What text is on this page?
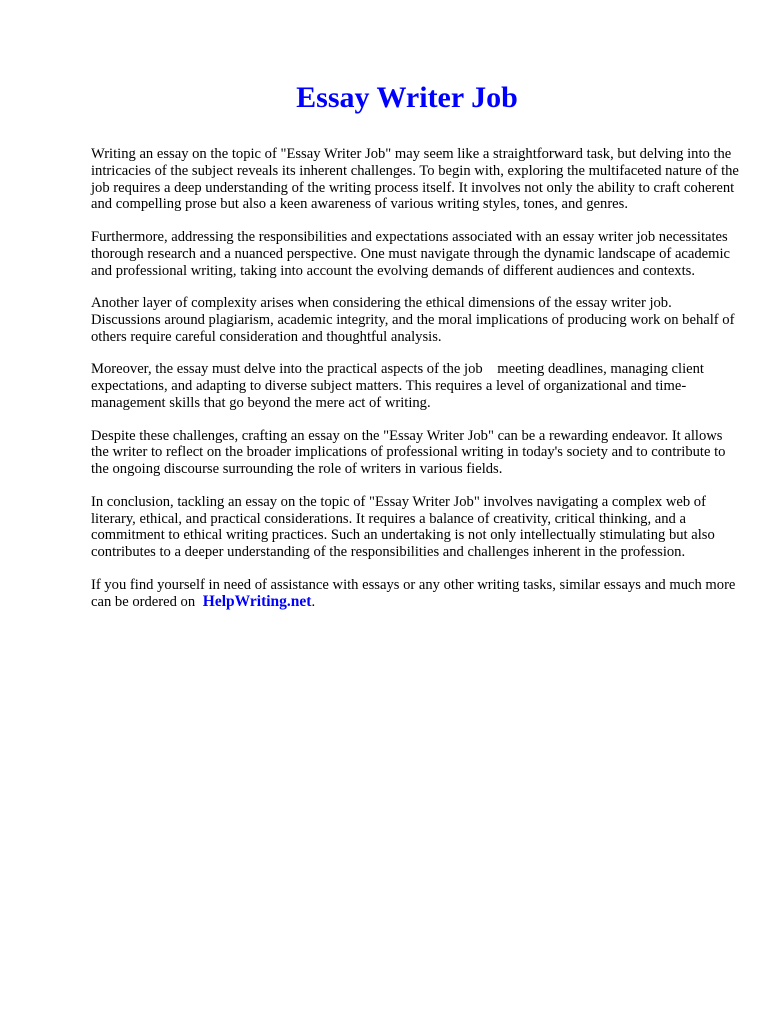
Essay Writer Job

Writing an essay on the topic of "Essay Writer Job" may seem like a straightforward task, but delving into the intricacies of the subject reveals its inherent challenges. To begin with, exploring the multifaceted nature of the job requires a deep understanding of the writing process itself. It involves not only the ability to craft coherent and compelling prose but also a keen awareness of various writing styles, tones, and genres.

Furthermore, addressing the responsibilities and expectations associated with an essay writer job necessitates thorough research and a nuanced perspective. One must navigate through the dynamic landscape of academic and professional writing, taking into account the evolving demands of different audiences and contexts.

Another layer of complexity arises when considering the ethical dimensions of the essay writer job. Discussions around plagiarism, academic integrity, and the moral implications of producing work on behalf of others require careful consideration and thoughtful analysis.

Moreover, the essay must delve into the practical aspects of the job    meeting deadlines, managing client expectations, and adapting to diverse subject matters. This requires a level of organizational and time-management skills that go beyond the mere act of writing.

Despite these challenges, crafting an essay on the "Essay Writer Job" can be a rewarding endeavor. It allows the writer to reflect on the broader implications of professional writing in today's society and to contribute to the ongoing discourse surrounding the role of writers in various fields.

In conclusion, tackling an essay on the topic of "Essay Writer Job" involves navigating a complex web of literary, ethical, and practical considerations. It requires a balance of creativity, critical thinking, and a commitment to ethical writing practices. Such an undertaking is not only intellectually stimulating but also contributes to a deeper understanding of the responsibilities and challenges inherent in the profession.

If you find yourself in need of assistance with essays or any other writing tasks, similar essays and much more can be ordered on HelpWriting.net.
